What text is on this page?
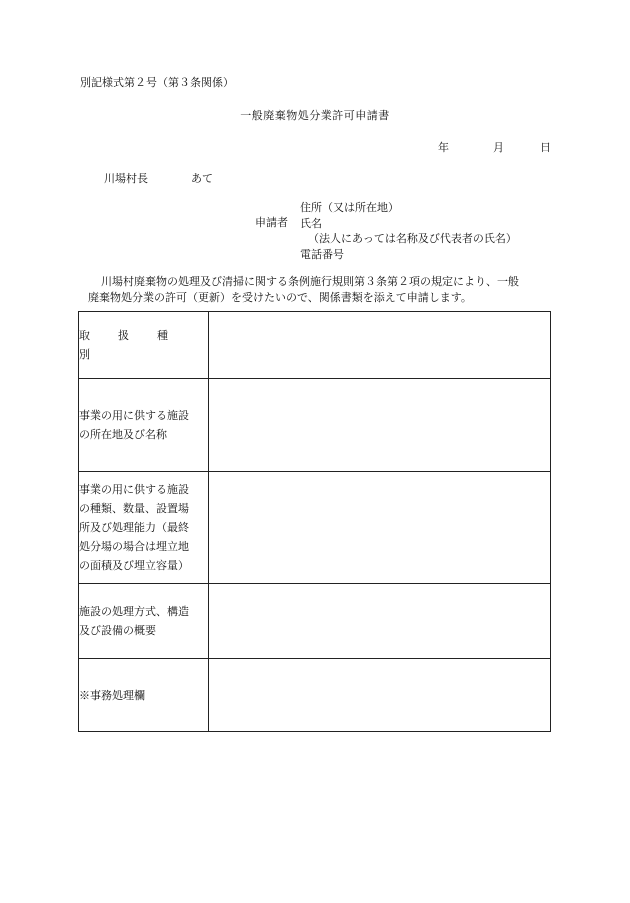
別記様式第２号（第３条関係）
一般廃棄物処分業許可申請書
年	月	日
川場村長	あて
申請者
住所（又は所在地）
氏名
（法人にあっては名称及び代表者の氏名）
電話番号
川場村廃棄物の処理及び清掃に関する条例施行規則第３条第２項の規定により、一般
廃棄物処分業の許可（更新）を受けたいので、関係書類を添えて申請します。
取扱種別	
事業の用に供する施設
の所在地及び名称	
事業の用に供する施設
の種類、数量、設置場
所及び処理能力（最終
処分場の場合は埋立地
の面積及び埋立容量）	
施設の処理方式、構造
及び設備の概要	
※事務処理欄	
